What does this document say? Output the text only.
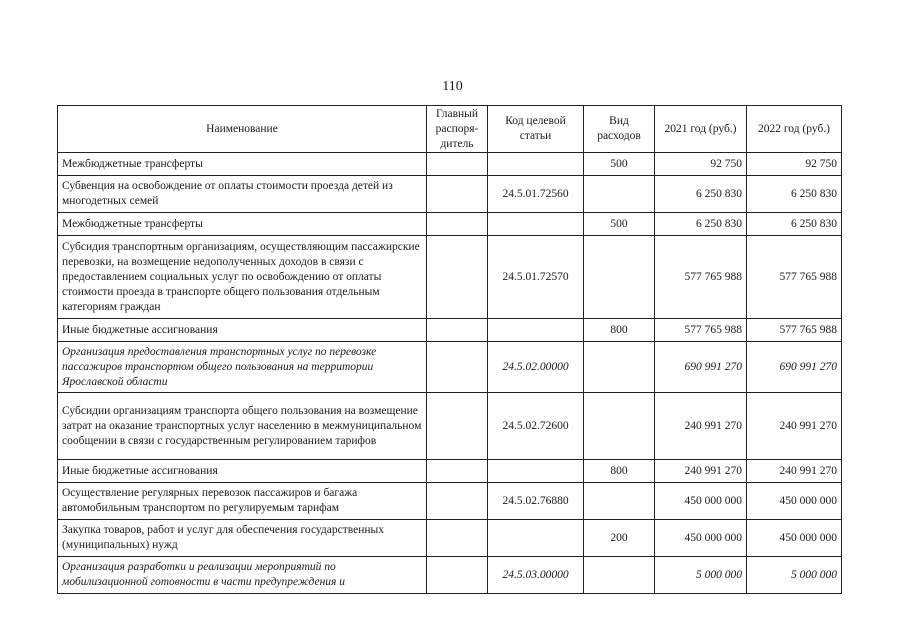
110
Наименование	Главный распоря-дитель	Код целевой статьи	Вид расходов	2021 год (руб.)	2022 год (руб.)
Межбюджетные трансферты			500	92 750	92 750
Субвенция на освобождение от оплаты стоимости проезда детей из многодетных семей		24.5.01.72560		6 250 830	6 250 830
Межбюджетные трансферты			500	6 250 830	6 250 830
Субсидия транспортным организациям, осуществляющим пассажирские перевозки, на возмещение недополученных доходов в связи с предоставлением социальных услуг по освобождению от оплаты стоимости проезда в транспорте общего пользования отдельным категориям граждан		24.5.01.72570		577 765 988	577 765 988
Иные бюджетные ассигнования			800	577 765 988	577 765 988
Организация предоставления транспортных услуг по перевозке пассажиров транспортом общего пользования на территории Ярославской области		24.5.02.00000		690 991 270	690 991 270
Субсидии организациям транспорта общего пользования на возмещение затрат на оказание транспортных услуг населению в межмуниципальном сообщении в связи с государственным регулированием тарифов		24.5.02.72600		240 991 270	240 991 270
Иные бюджетные ассигнования			800	240 991 270	240 991 270
Осуществление регулярных перевозок пассажиров и багажа автомобильным транспортом по регулируемым тарифам		24.5.02.76880		450 000 000	450 000 000
Закупка товаров, работ и услуг для обеспечения государственных (муниципальных) нужд			200	450 000 000	450 000 000
Организация разработки и реализации мероприятий по мобилизационной готовности в части предупреждения и		24.5.03.00000		5 000 000	5 000 000
